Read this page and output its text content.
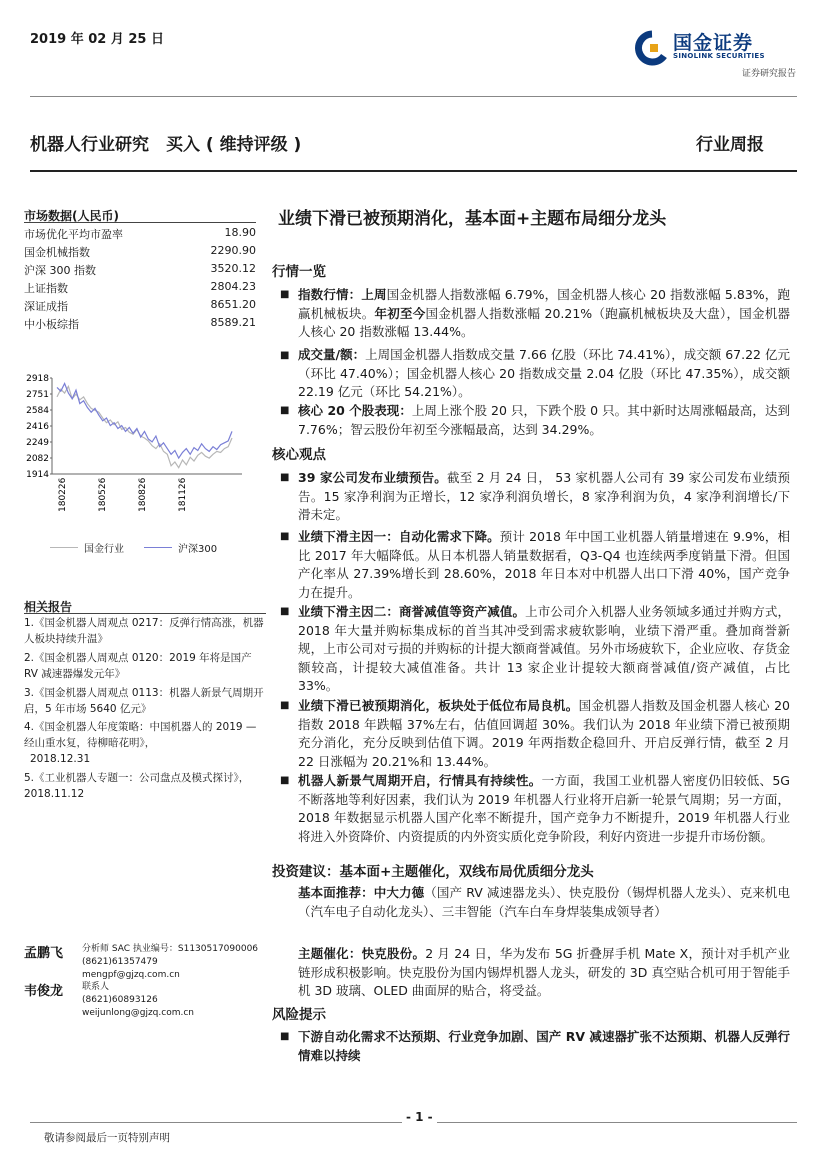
2019 年 02 月 25 日	国金证券
SINOLINK SECURITIES
证券研究报告
机器人行业研究　买入 ( 维持评级 )	行业周报
市场数据(人民币)
市场优化平均市盈率	18.90
国金机械指数	2290.90
沪深 300 指数	3520.12
上证指数	2804.23
深证成指	8651.20
中小板综指	8589.21
2918
2751
2584
2416
2249
2082
1914
180226	180526	180826	181126
国金行业	沪深300
相关报告
1.《国金机器人周观点 0217：反弹行情高涨，机器人板块持续升温》
2.《国金机器人周观点 0120：2019 年将是国产 RV 减速器爆发元年》
3.《国金机器人周观点 0113：机器人新景气周期开启，5 年市场 5640 亿元》
4.《国金机器人年度策略：中国机器人的 2019 — 经山重水复，待柳暗花明》，
2018.12.31
5.《工业机器人专题一：公司盘点及模式探讨》，2018.11.12
孟鹏飞 分析师 SAC 执业编号：S1130517090006
(8621)61357479
mengpf@gjzq.com.cn
韦俊龙 联系人
(8621)60893126
weijunlong@gjzq.com.cn
业绩下滑已被预期消化，基本面+主题布局细分龙头
行情一览
■ 指数行情：上周国金机器人指数涨幅 6.79%，国金机器人核心 20 指数涨幅 5.83%，跑赢机械板块。年初至今国金机器人指数涨幅 20.21%（跑赢机械板块及大盘），国金机器人核心 20 指数涨幅 13.44%。
■ 成交量/额：上周国金机器人指数成交量 7.66 亿股（环比 74.41%），成交额 67.22 亿元（环比 47.40%）；国金机器人核心 20 指数成交量 2.04 亿股（环比 47.35%），成交额 22.19 亿元（环比 54.21%）。
■ 核心 20 个股表现：上周上涨个股 20 只，下跌个股 0 只。其中新时达周涨幅最高，达到 7.76%；智云股份年初至今涨幅最高，达到 34.29%。
核心观点
■ 39 家公司发布业绩预告。截至 2 月 24 日， 53 家机器人公司有 39 家公司发布业绩预告。15 家净利润为正增长，12 家净利润负增长，8 家净利润为负，4 家净利润增长/下滑未定。
■ 业绩下滑主因一：自动化需求下降。预计 2018 年中国工业机器人销量增速在 9.9%，相比 2017 年大幅降低。从日本机器人销量数据看，Q3-Q4 也连续两季度销量下滑。但国产化率从 27.39%增长到 28.60%，2018 年日本对中机器人出口下滑 40%，国产竞争力在提升。
■ 业绩下滑主因二：商誉减值等资产减值。上市公司介入机器人业务领域多通过并购方式，2018 年大量并购标集成标的首当其冲受到需求疲软影响，业绩下滑严重。叠加商誉新规，上市公司对亏损的并购标的计提大额商誉减值。另外市场疲软下，企业应收、存货金额较高，计提较大减值准备。共计 13 家企业计提较大额商誉减值/资产减值，占比 33%。
■ 业绩下滑已被预期消化，板块处于低位布局良机。国金机器人指数及国金机器人核心 20 指数 2018 年跌幅 37%左右，估值回调超 30%。我们认为 2018 年业绩下滑已被预期充分消化，充分反映到估值下调。2019 年两指数企稳回升、开启反弹行情，截至 2 月 22 日涨幅为 20.21%和 13.44%。
■ 机器人新景气周期开启，行情具有持续性。一方面，我国工业机器人密度仍旧较低、5G 不断落地等利好因素，我们认为 2019 年机器人行业将开启新一轮景气周期；另一方面，2018 年数据显示机器人国产化率不断提升，国产竞争力不断提升，2019 年机器人行业将进入外资降价、内资提质的内外资实质化竞争阶段，利好内资进一步提升市场份额。
投资建议：基本面+主题催化，双线布局优质细分龙头
基本面推荐：中大力德（国产 RV 减速器龙头）、快克股份（锡焊机器人龙头）、克来机电（汽车电子自动化龙头）、三丰智能（汽车白车身焊装集成领导者）
主题催化：快克股份。2 月 24 日，华为发布 5G 折叠屏手机 Mate X，预计对手机产业链形成积极影响。快克股份为国内锡焊机器人龙头，研发的 3D 真空贴合机可用于智能手机 3D 玻璃、OLED 曲面屏的贴合，将受益。
风险提示
■ 下游自动化需求不达预期、行业竞争加剧、国产 RV 减速器扩张不达预期、机器人反弹行情难以持续
- 1 -
敬请参阅最后一页特别声明
